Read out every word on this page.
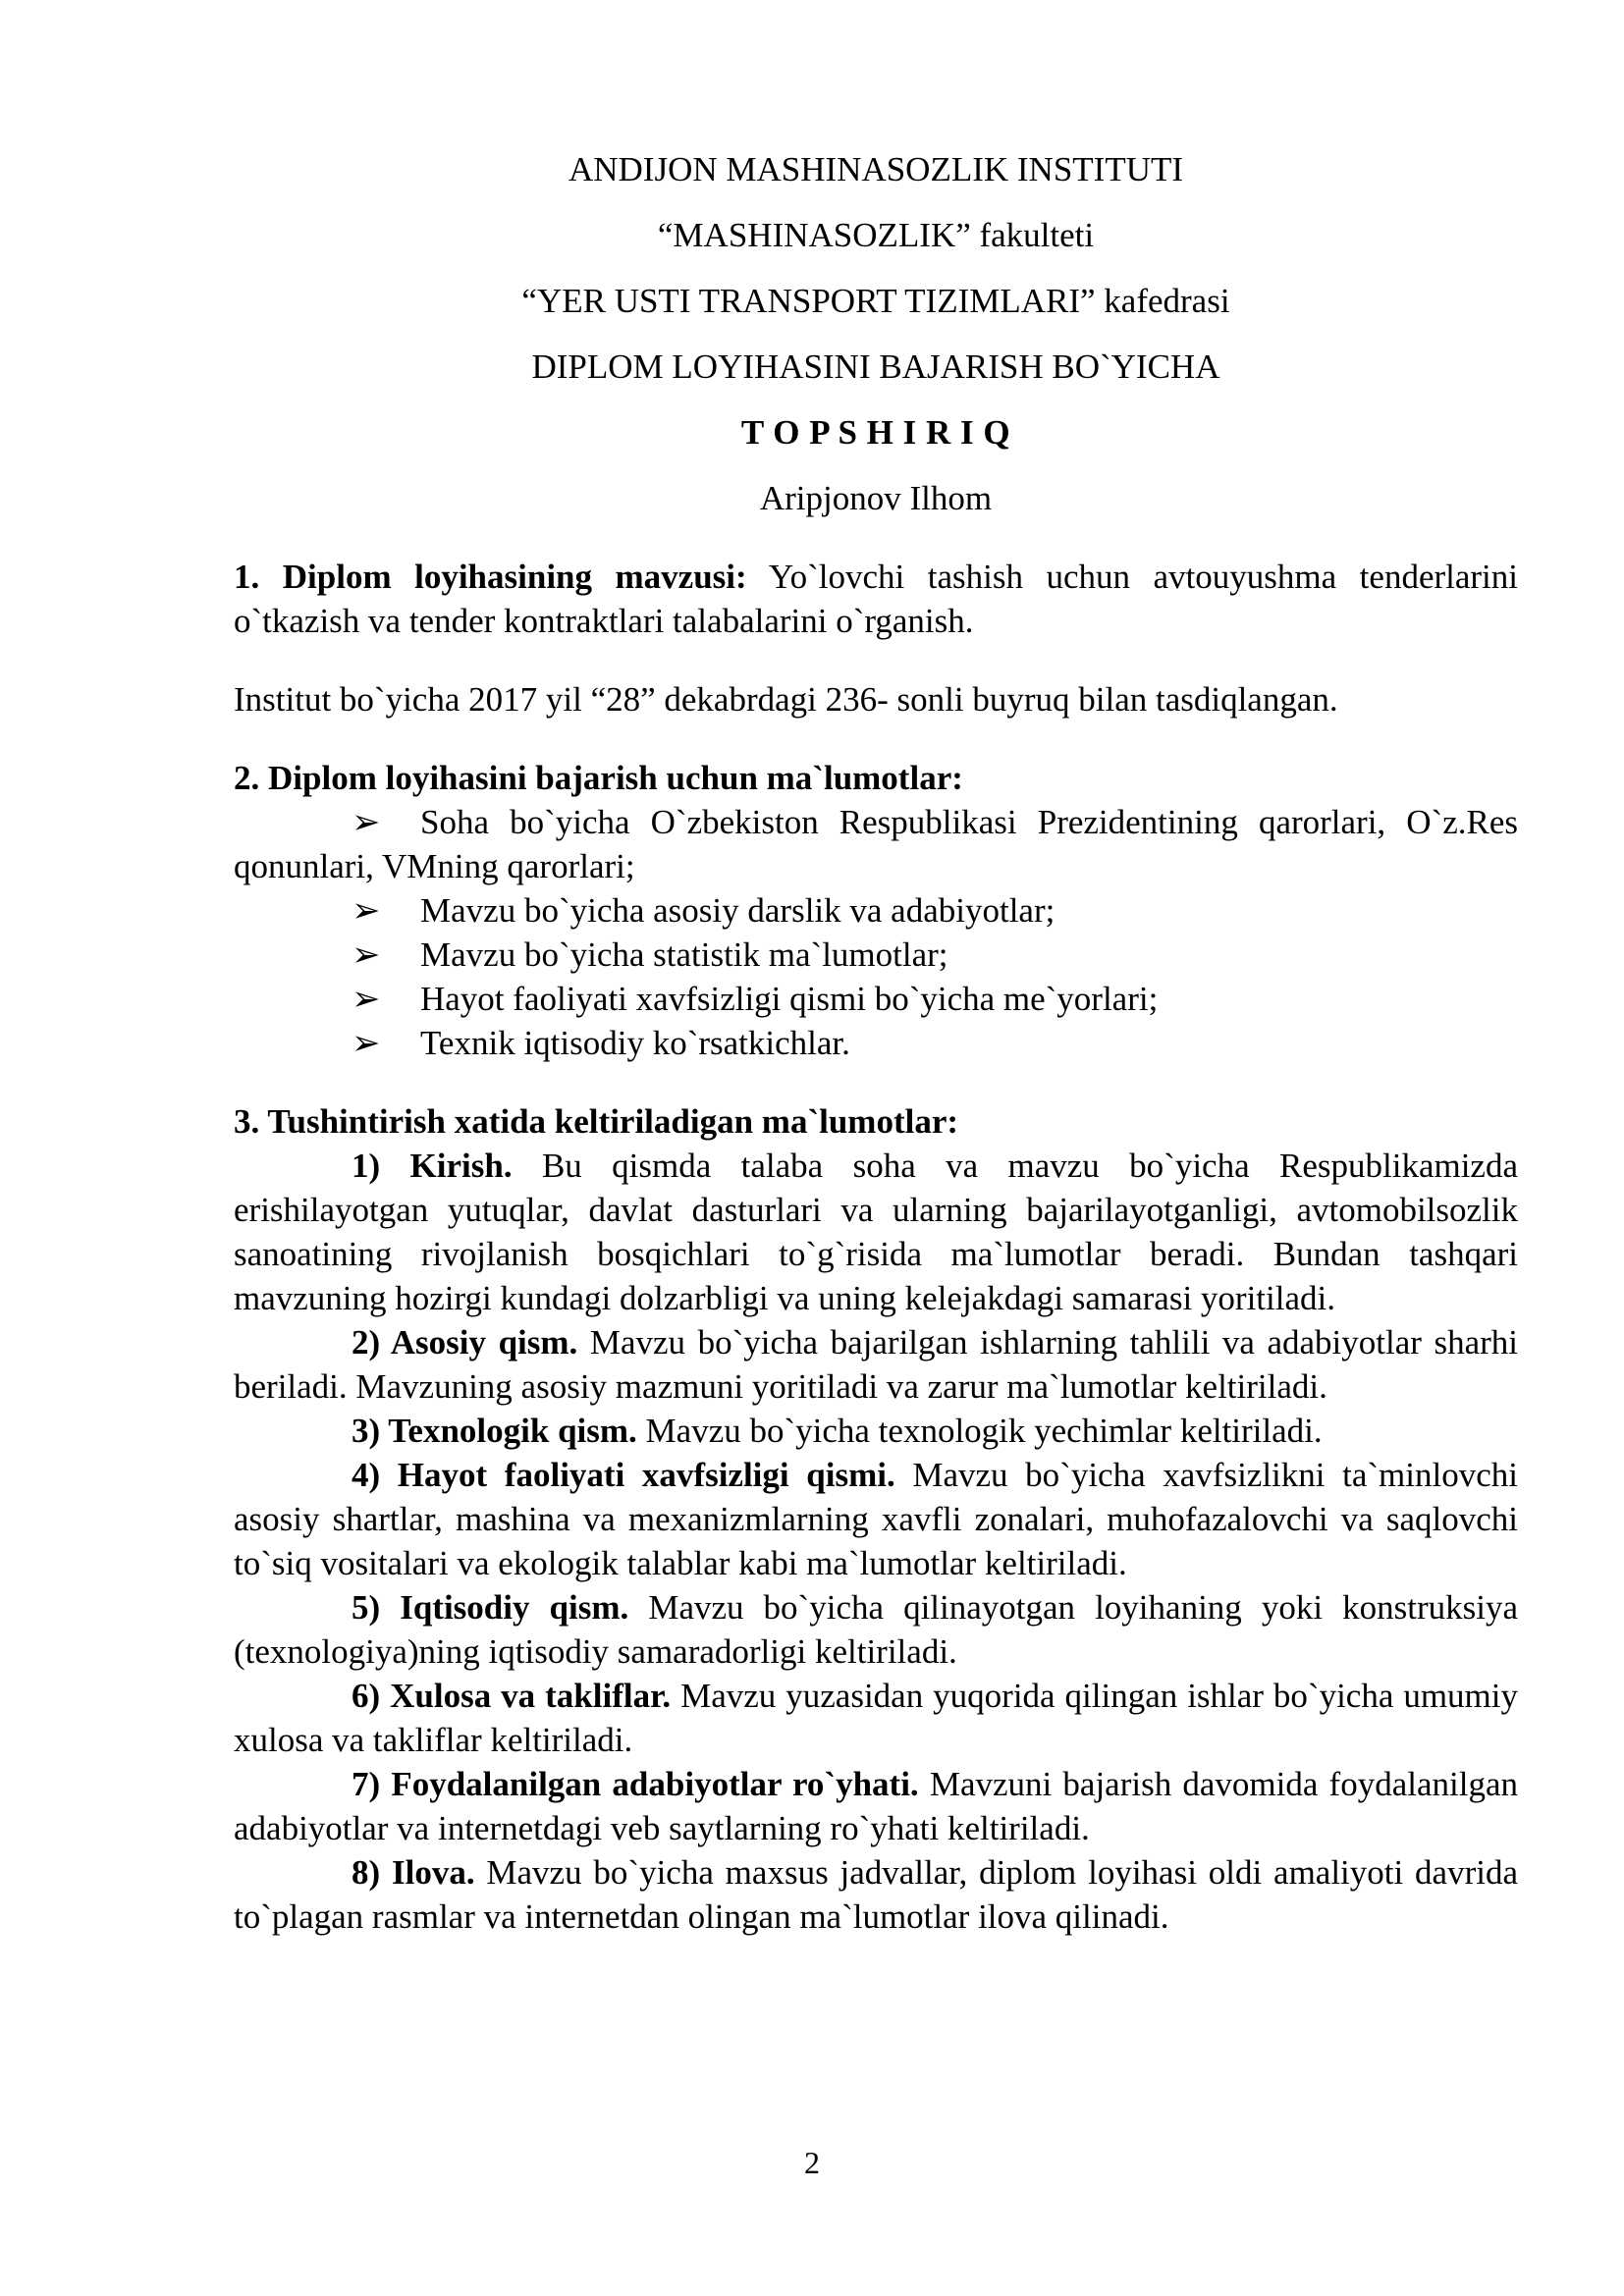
ANDIJON MASHINASOZLIK INSTITUTI

“MASHINASOZLIK” fakulteti

“YER USTI TRANSPORT TIZIMLARI” kafedrasi

DIPLOM LOYIHASINI BAJARISH BO`YICHA

T O P S H I R I Q

Aripjonov Ilhom

1. Diplom loyihasining mavzusi: Yo`lovchi tashish uchun avtouyushma tenderlarini o`tkazish va tender kontraktlari talabalarini o`rganish.

Institut bo`yicha 2017 yil “28” dekabrdagi 236- sonli buyruq bilan tasdiqlangan.

2. Diplom loyihasini bajarish uchun ma`lumotlar:

➢ Soha bo`yicha O`zbekiston Respublikasi Prezidentining qarorlari, O`z.Res qonunlari, VMning qarorlari;

➢ Mavzu bo`yicha asosiy darslik va adabiyotlar;

➢ Mavzu bo`yicha statistik ma`lumotlar;

➢ Hayot faoliyati xavfsizligi qismi bo`yicha me`yorlari;

➢ Texnik iqtisodiy ko`rsatkichlar.

3. Tushintirish xatida keltiriladigan ma`lumotlar:

1) Kirish. Bu qismda talaba soha va mavzu bo`yicha Respublikamizda erishilayotgan yutuqlar, davlat dasturlari va ularning bajarilayotganligi, avtomobilsozlik sanoatining rivojlanish bosqichlari to`g`risida ma`lumotlar beradi. Bundan tashqari mavzuning hozirgi kundagi dolzarbligi va uning kelejakdagi samarasi yoritiladi.

2) Asosiy qism. Mavzu bo`yicha bajarilgan ishlarning tahlili va adabiyotlar sharhi beriladi. Mavzuning asosiy mazmuni yoritiladi va zarur ma`lumotlar keltiriladi.

3) Texnologik qism. Mavzu bo`yicha texnologik yechimlar keltiriladi.

4) Hayot faoliyati xavfsizligi qismi. Mavzu bo`yicha xavfsizlikni ta`minlovchi asosiy shartlar, mashina va mexanizmlarning xavfli zonalari, muhofazalovchi va saqlovchi to`siq vositalari va ekologik talablar kabi ma`lumotlar keltiriladi.

5) Iqtisodiy qism. Mavzu bo`yicha qilinayotgan loyihaning yoki konstruksiya (texnologiya)ning iqtisodiy samaradorligi keltiriladi.

6) Xulosa va takliflar. Mavzu yuzasidan yuqorida qilingan ishlar bo`yicha umumiy xulosa va takliflar keltiriladi.

7) Foydalanilgan adabiyotlar ro`yhati. Mavzuni bajarish davomida foydalanilgan adabiyotlar va internetdagi veb saytlarning ro`yhati keltiriladi.

8) Ilova. Mavzu bo`yicha maxsus jadvallar, diplom loyihasi oldi amaliyoti davrida to`plagan rasmlar va internetdan olingan ma`lumotlar ilova qilinadi.

2
